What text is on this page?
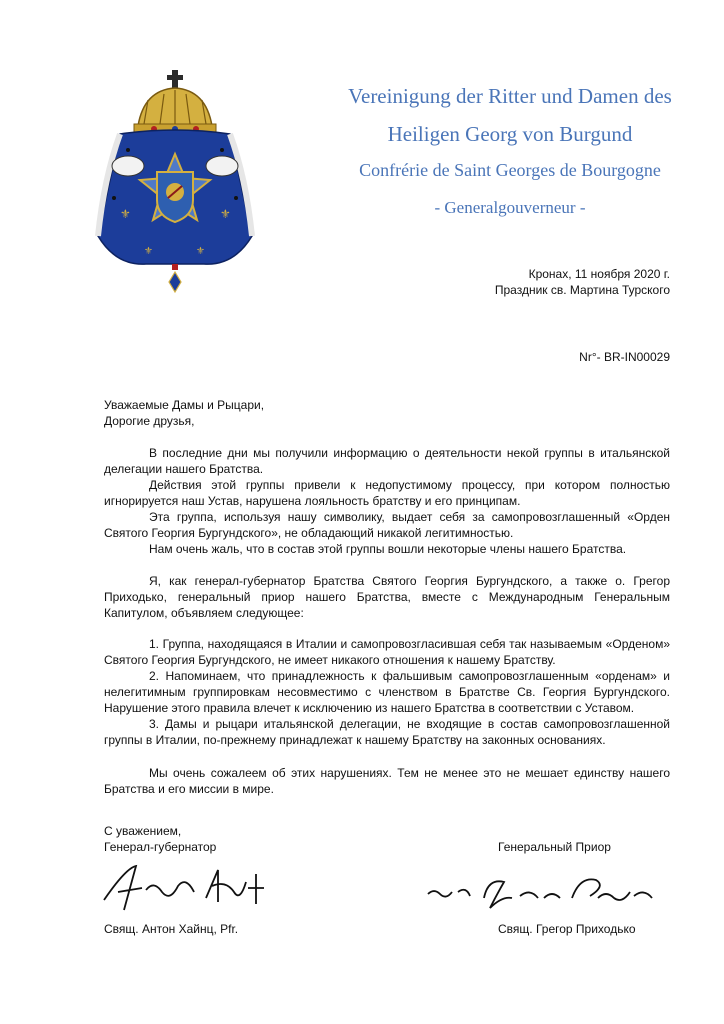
⚜	⚜
⚜	⚜
Vereinigung der Ritter und Damen des
Heiligen Georg von Burgund
Confrérie de Saint Georges de Bourgogne
- Generalgouverneur -
Кронах, 11 ноября 2020 г.
Праздник св. Мартина Турского
Nr°- BR-IN00029

Уважаемые Дамы и Рыцари,

Дорогие друзья,

В последние дни мы получили информацию о деятельности некой группы в итальянской делегации нашего Братства.

Действия этой группы привели к недопустимому процессу, при котором полностью игнорируется наш Устав, нарушена лояльность братству и его принципам.

Эта группа, используя нашу символику, выдает себя за самопровозглашенный «Орден Святого Георгия Бургундского», не обладающий никакой легитимностью.

Нам очень жаль, что в состав этой группы вошли некоторые члены нашего Братства.

Я, как генерал-губернатор Братства Святого Георгия Бургундского, а также о. Грегор Приходько, генеральный приор нашего Братства, вместе с Международным Генеральным Капитулом, объявляем следующее:

1. Группа, находящаяся в Италии и самопровозгласившая себя так называемым «Орденом» Святого Георгия Бургундского, не имеет никакого отношения к нашему Братству.

2. Напоминаем, что принадлежность к фальшивым самопровозглашенным «орденам» и нелегитимным группировкам несовместимо с членством в Братстве Св. Георгия Бургундского. Нарушение этого правила влечет к исключению из нашего Братства в соответствии с Уставом.

3. Дамы и рыцари итальянской делегации, не входящие в состав самопровозглашенной группы в Италии, по-прежнему принадлежат к нашему Братству на законных основаниях.

Мы очень сожалеем об этих нарушениях. Тем не менее это не мешает единству нашего Братства и его миссии в мире.

С уважением,
Генерал-губернатор	Генеральный Приор
Свящ. Антон Хайнц, Pfr.	Свящ. Грегор Приходько
